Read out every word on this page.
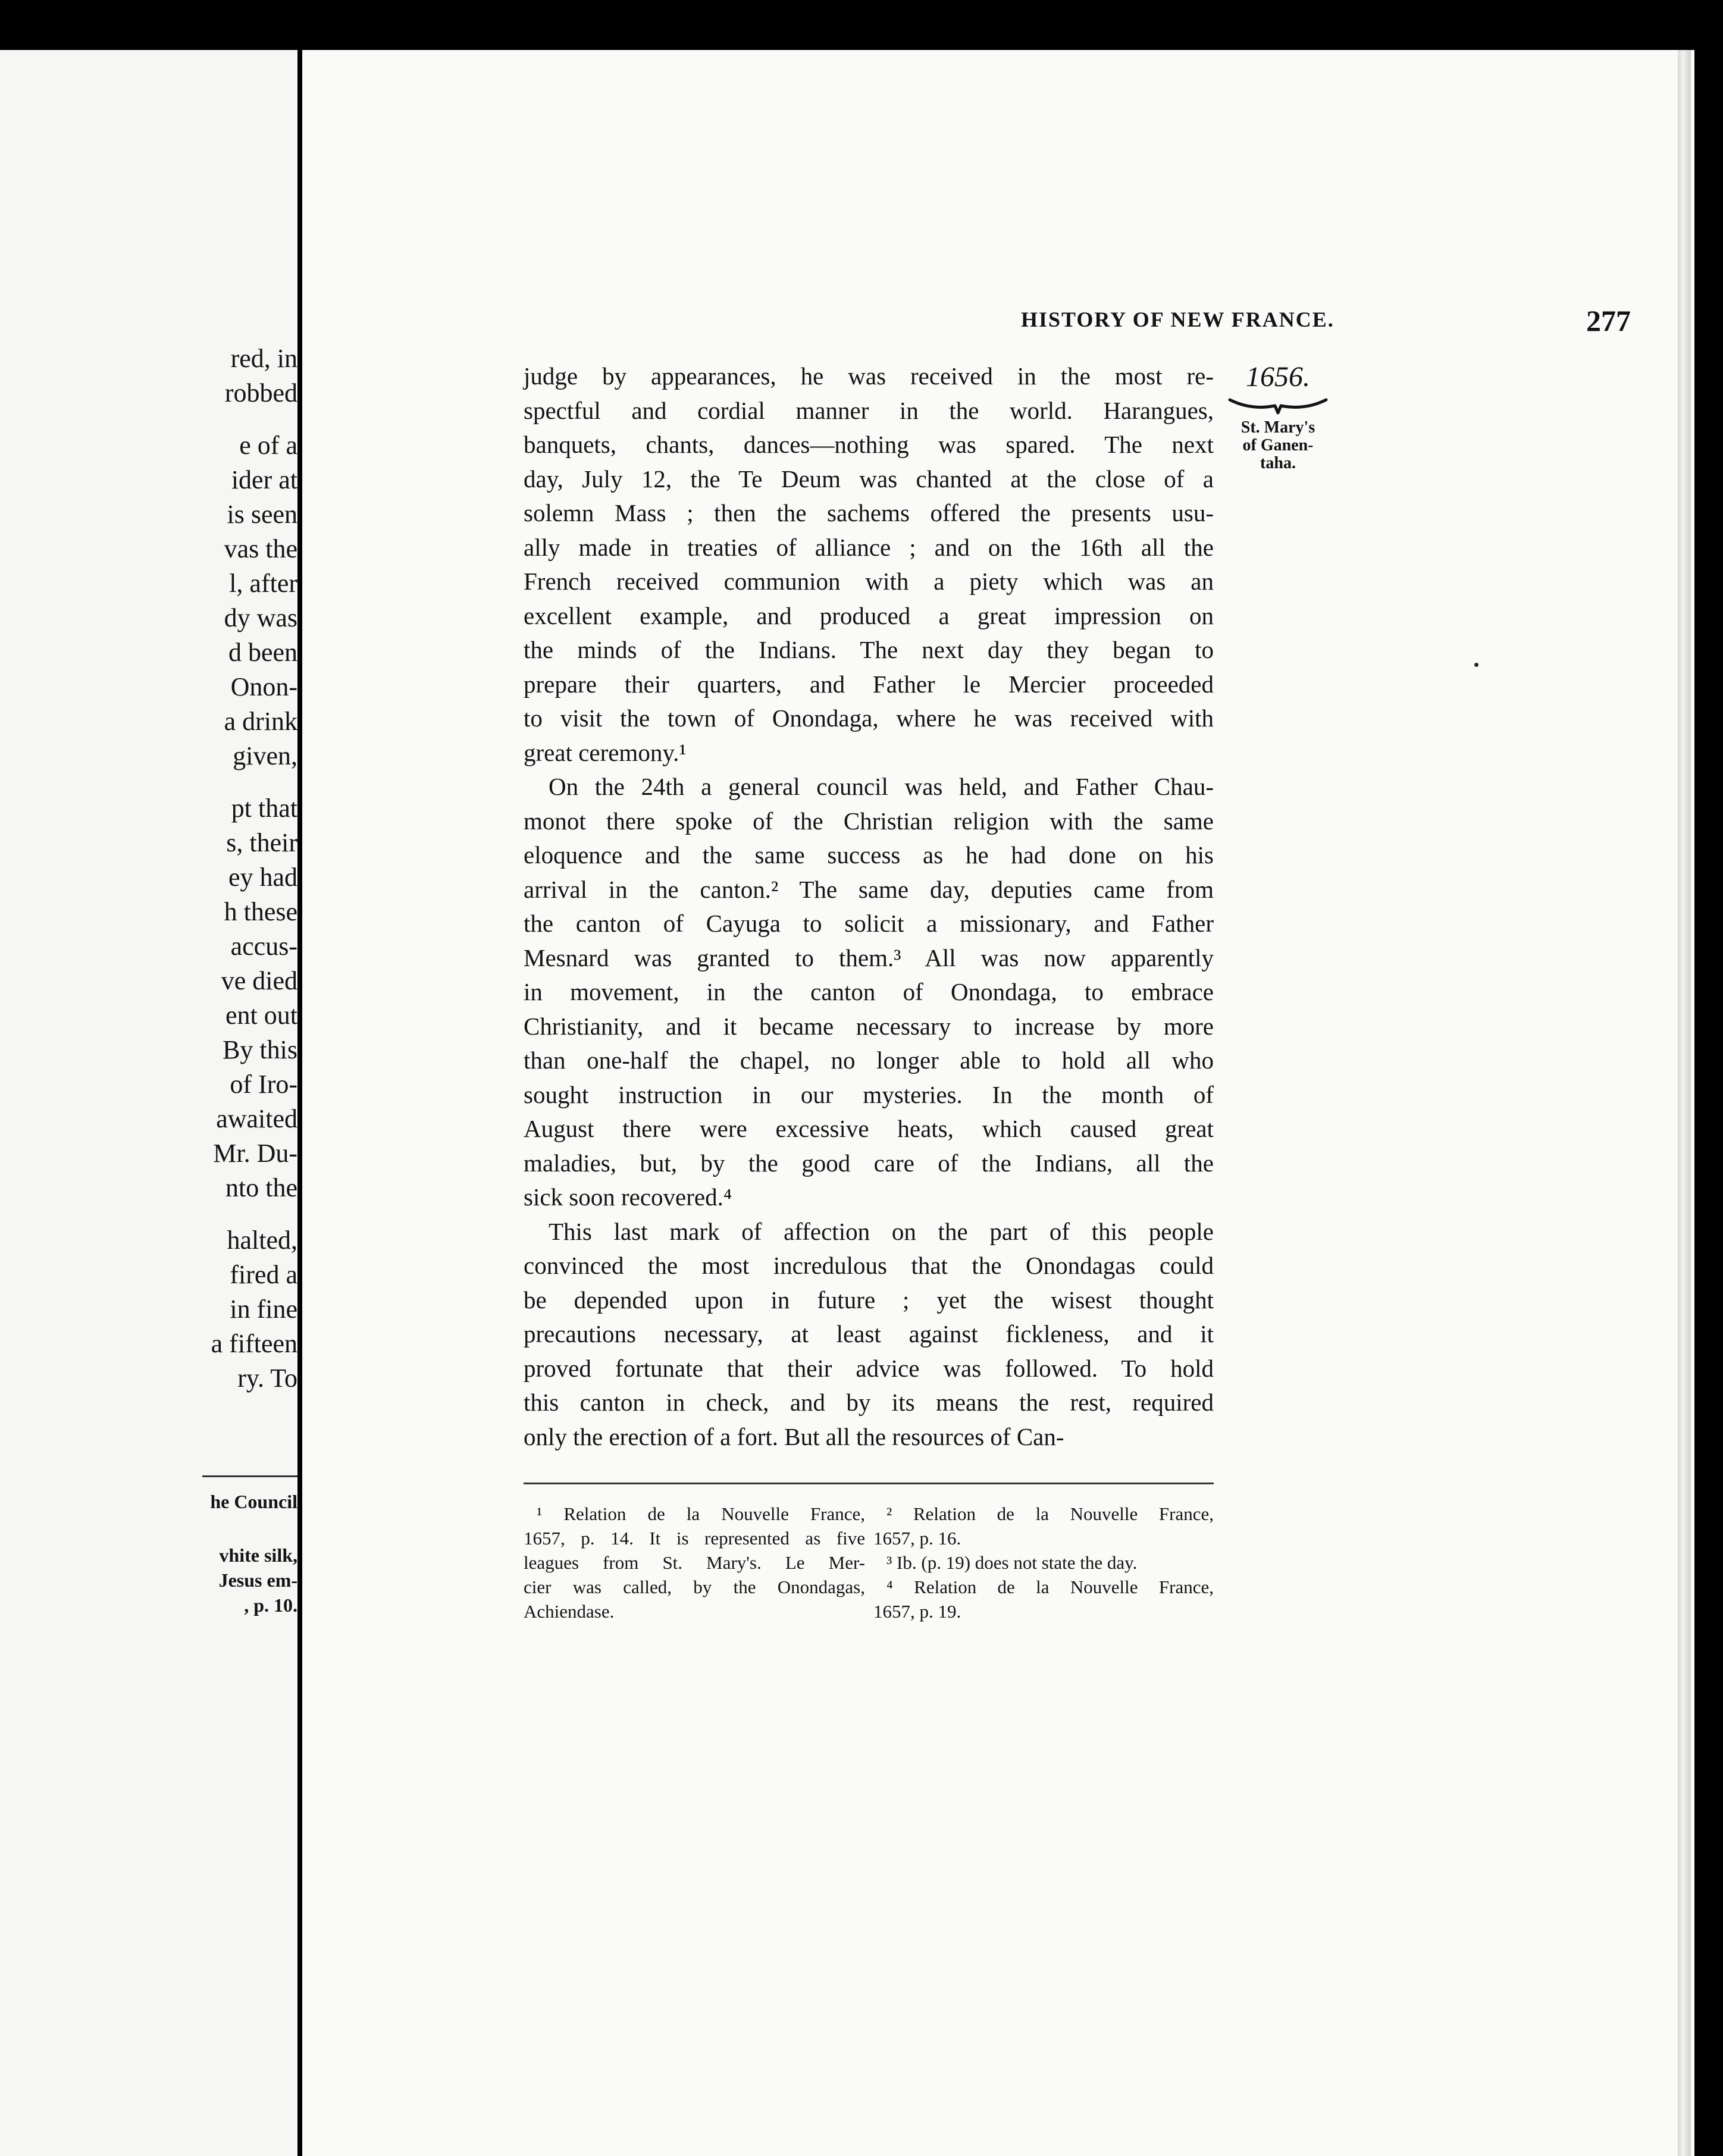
red, in
robbed
e of a
ider at
is seen
vas the
l, after
dy was
d been
Onon-
a drink
given,
pt that
s, their
ey had
h these
accus-
ve died
ent out
By this
of Iro-
awaited
Mr. Du-
nto the
halted,
fired a
in fine
a fifteen
ry. To
he Council
vhite silk,
Jesus em-
, p. 10.
HISTORY OF NEW FRANCE.	277
judge by appearances, he was received in the most re-
spectful and cordial manner in the world. Harangues,
banquets, chants, dances—nothing was spared. The next
day, July 12, the Te Deum was chanted at the close of a
solemn Mass ; then the sachems offered the presents usu-
ally made in treaties of alliance ; and on the 16th all the
French received communion with a piety which was an
excellent example, and produced a great impression on
the minds of the Indians. The next day they began to
prepare their quarters, and Father le Mercier proceeded
to visit the town of Onondaga, where he was received with
great ceremony.¹
On the 24th a general council was held, and Father Chau-
monot there spoke of the Christian religion with the same
eloquence and the same success as he had done on his
arrival in the canton.² The same day, deputies came from
the canton of Cayuga to solicit a missionary, and Father
Mesnard was granted to them.³ All was now apparently
in movement, in the canton of Onondaga, to embrace
Christianity, and it became necessary to increase by more
than one-half the chapel, no longer able to hold all who
sought instruction in our mysteries. In the month of
August there were excessive heats, which caused great
maladies, but, by the good care of the Indians, all the
sick soon recovered.⁴
This last mark of affection on the part of this people
convinced the most incredulous that the Onondagas could
be depended upon in future ; yet the wisest thought
precautions necessary, at least against fickleness, and it
proved fortunate that their advice was followed. To hold
this canton in check, and by its means the rest, required
only the erection of a fort. But all the resources of Can-
1656.
St. Mary's
of Ganen-
taha.
¹ Relation de la Nouvelle France,
1657, p. 14. It is represented as five
leagues from St. Mary's. Le Mer-
cier was called, by the Onondagas,
Achiendase.
² Relation de la Nouvelle France,
1657, p. 16.
³ Ib. (p. 19) does not state the day.
⁴ Relation de la Nouvelle France,
1657, p. 19.
